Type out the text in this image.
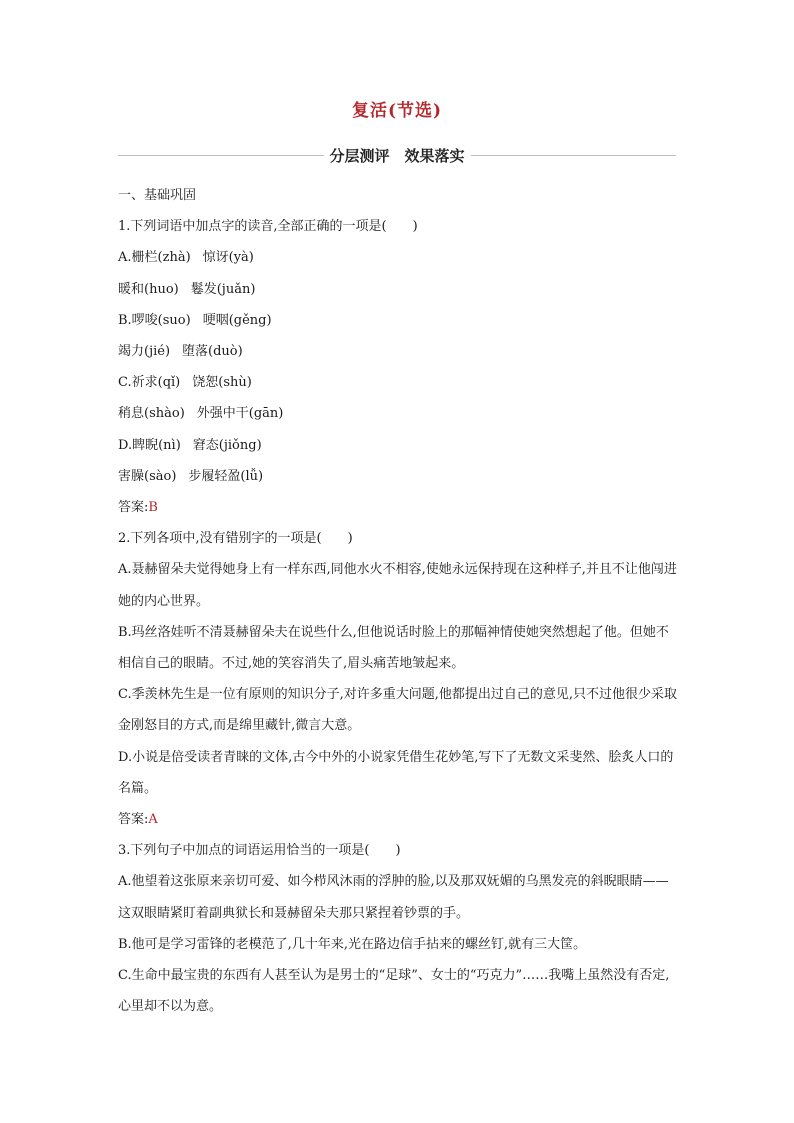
复活(节选)
分层测评　效果落实
一、基础巩固
1.下列词语中加点字的读音,全部正确的一项是(　　)
A.栅栏(zhà) 惊讶(yà)
暖和(huo) 鬈发(juǎn)
B.啰唆(suo) 哽咽(gěng)
竭力(jié) 堕落(duò)
C.祈求(qǐ) 饶恕(shù)
稍息(shào) 外强中干(gān)
D.睥睨(nì) 窘态(jiǒng)
害臊(sào) 步履轻盈(lǚ)
答案:B
2.下列各项中,没有错别字的一项是(　　)
A.聂赫留朵夫觉得她身上有一样东西,同他水火不相容,使她永远保持现在这种样子,并且不让他闯进她的内心世界。
B.玛丝洛娃听不清聂赫留朵夫在说些什么,但他说话时脸上的那幅神情使她突然想起了他。但她不相信自己的眼睛。不过,她的笑容消失了,眉头痛苦地皱起来。
C.季羡林先生是一位有原则的知识分子,对许多重大问题,他都提出过自己的意见,只不过他很少采取金刚怒目的方式,而是绵里藏针,微言大意。
D.小说是倍受读者青睐的文体,古今中外的小说家凭借生花妙笔,写下了无数文采斐然、脍炙人口的名篇。
答案:A
3.下列句子中加点的词语运用恰当的一项是(　　)
A.他望着这张原来亲切可爱、如今栉风沐雨的浮肿的脸,以及那双妩媚的乌黑发亮的斜睨眼睛——这双眼睛紧盯着副典狱长和聂赫留朵夫那只紧捏着钞票的手。
B.他可是学习雷锋的老模范了,几十年来,光在路边信手拈来的螺丝钉,就有三大筐。
C.生命中最宝贵的东西有人甚至认为是男士的“足球”、女士的“巧克力”……我嘴上虽然没有否定,心里却不以为意。
